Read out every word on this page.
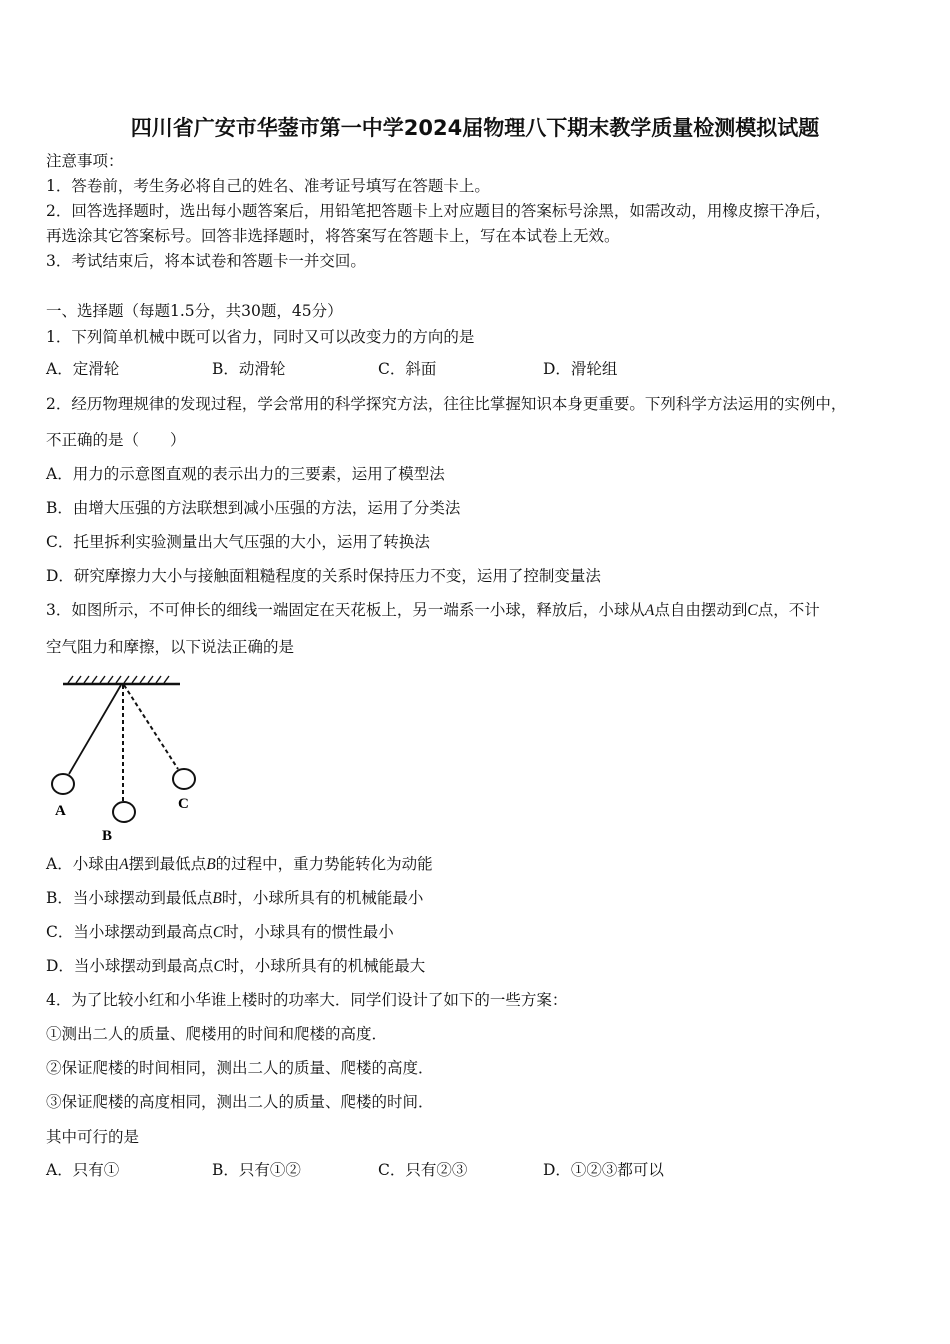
四川省广安市华蓥市第一中学2024届物理八下期末教学质量检测模拟试题
注意事项：
1．答卷前，考生务必将自己的姓名、准考证号填写在答题卡上。
2．回答选择题时，选出每小题答案后，用铅笔把答题卡上对应题目的答案标号涂黑，如需改动，用橡皮擦干净后，
再选涂其它答案标号。回答非选择题时，将答案写在答题卡上，写在本试卷上无效。
3．考试结束后，将本试卷和答题卡一并交回。
一、选择题（每题1.5分，共30题，45分）
1．下列简单机械中既可以省力，同时又可以改变力的方向的是
A．定滑轮	B．动滑轮	C．斜面	D．滑轮组
2．经历物理规律的发现过程，学会常用的科学探究方法，往往比掌握知识本身更重要。下列科学方法运用的实例中，
不正确的是（　　）
A．用力的示意图直观的表示出力的三要素，运用了模型法
B．由增大压强的方法联想到减小压强的方法，运用了分类法
C．托里拆利实验测量出大气压强的大小，运用了转换法
D．研究摩擦力大小与接触面粗糙程度的关系时保持压力不变，运用了控制变量法
3．如图所示，不可伸长的细线一端固定在天花板上，另一端系一小球，释放后，小球从A点自由摆动到C点，不计
空气阻力和摩擦，以下说法正确的是
A
B
C
A．小球由A摆到最低点B的过程中，重力势能转化为动能
B．当小球摆动到最低点B时，小球所具有的机械能最小
C．当小球摆动到最高点C时，小球具有的惯性最小
D．当小球摆动到最高点C时，小球所具有的机械能最大
4．为了比较小红和小华谁上楼时的功率大．同学们设计了如下的一些方案：
①测出二人的质量、爬楼用的时间和爬楼的高度．
②保证爬楼的时间相同，测出二人的质量、爬楼的高度．
③保证爬楼的高度相同，测出二人的质量、爬楼的时间．
其中可行的是
A．只有①	B．只有①②	C．只有②③	D．①②③都可以
